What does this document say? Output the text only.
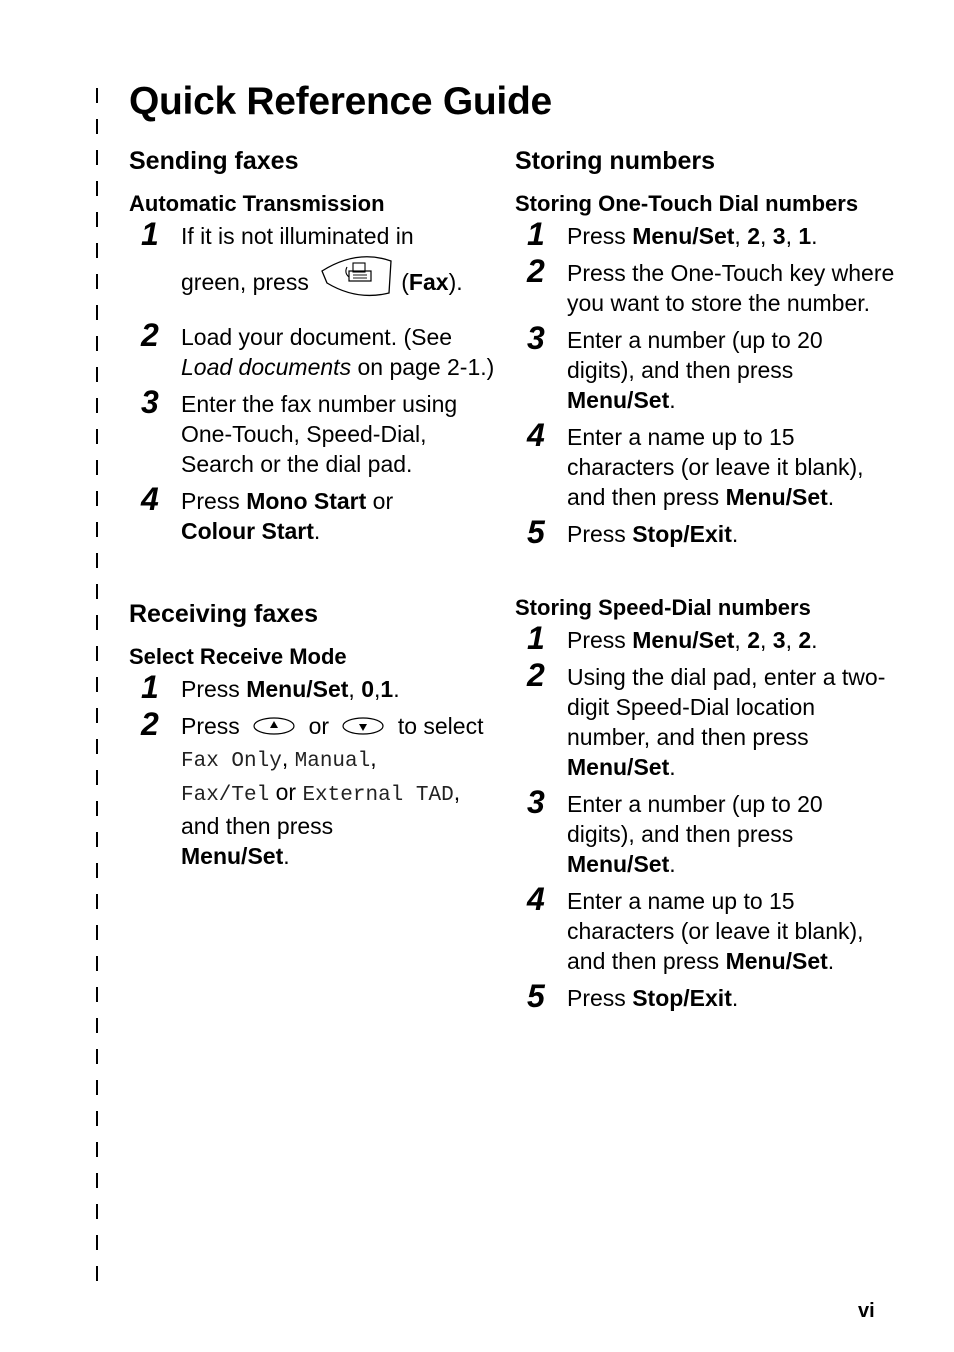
Quick Reference Guide
Sending faxes
Automatic Transmission
1 If it is not illuminated in
green, press	(Fax).
2 Load your document. (See Load documents on page 2-1.)
3 Enter the fax number using One-Touch, Speed-Dial, Search or the dial pad.
4 Press Mono Start or
Colour Start.
Receiving faxes
Select Receive Mode
1 Press Menu/Set, 0,1.
2 Press	or	to select
Fax Only, Manual,
Fax/Tel or External TAD, and then press
Menu/Set.
Storing numbers
Storing One-Touch Dial numbers
1 Press Menu/Set, 2, 3, 1.
2 Press the One-Touch key where you want to store the number.
3 Enter a number (up to 20 digits), and then press Menu/Set.
4 Enter a name up to 15 characters (or leave it blank), and then press Menu/Set.
5 Press Stop/Exit.
Storing Speed-Dial numbers
1 Press Menu/Set, 2, 3, 2.
2 Using the dial pad, enter a two-digit Speed-Dial location number, and then press Menu/Set.
3 Enter a number (up to 20 digits), and then press Menu/Set.
4 Enter a name up to 15 characters (or leave it blank), and then press Menu/Set.
5 Press Stop/Exit.
vi
